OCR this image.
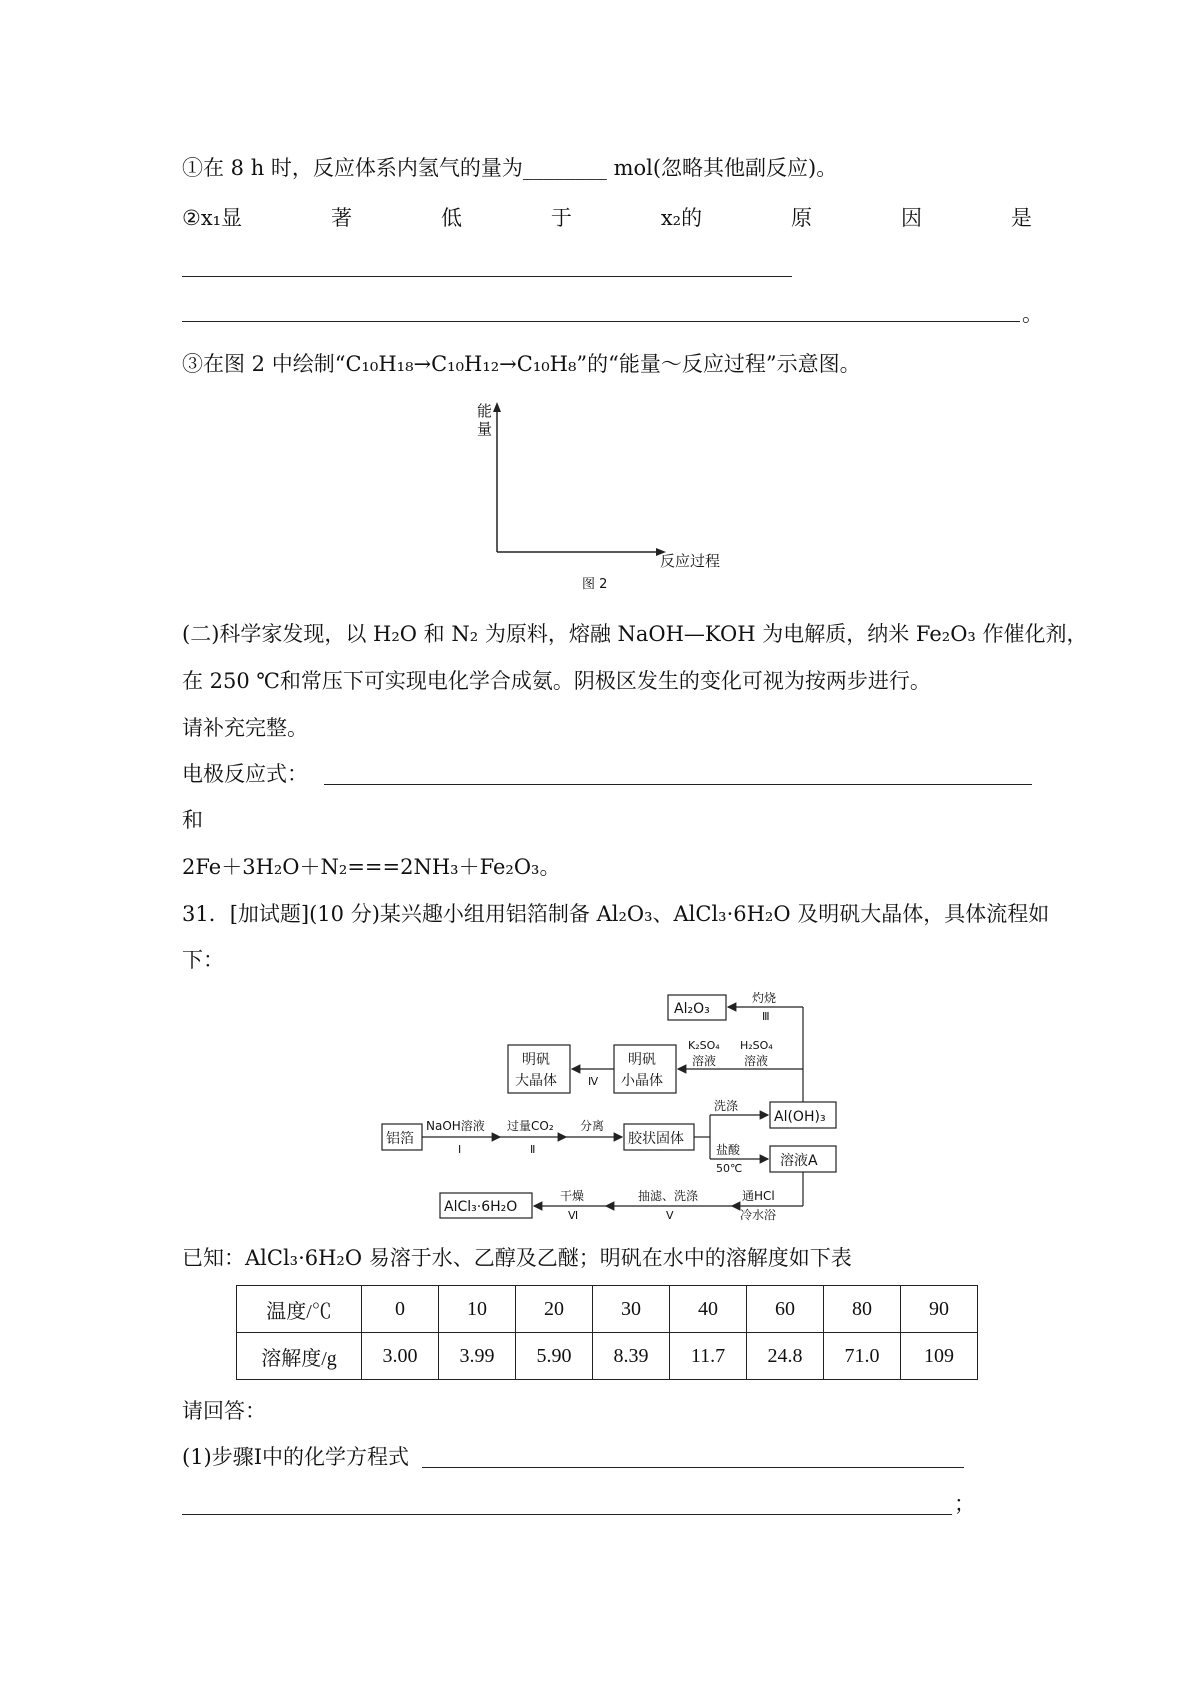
①在 8 h 时，反应体系内氢气的量为________ mol(忽略其他副反应)。
②x₁显	著	低	于	x₂的	原	因	是
。
③在图 2 中绘制“C₁₀H₁₈→C₁₀H₁₂→C₁₀H₈”的“能量～反应过程”示意图。
能
量
反应过程
图 2
(二)科学家发现，以 H₂O 和 N₂ 为原料，熔融 NaOH—KOH 为电解质，纳米 Fe₂O₃ 作催化剂，
在 250 ℃和常压下可实现电化学合成氨。阴极区发生的变化可视为按两步进行。
请补充完整。
电极反应式：
和
2Fe＋3H₂O＋N₂===2NH₃＋Fe₂O₃。
31．[加试题](10 分)某兴趣小组用铝箔制备 Al₂O₃、AlCl₃·6H₂O 及明矾大晶体，具体流程如
下：
Al₂O₃
明矾
大晶体
明矾
小晶体
铝箔	胶状固体
Al(OH)₃
溶液A
AlCl₃·6H₂O
NaOH溶液
Ⅰ
过量CO₂
Ⅱ
分离
洗涤
盐酸
50℃
灼烧
Ⅲ
K₂SO₄
溶液
H₂SO₄
溶液
Ⅳ
通HCl
冷水浴
抽滤、洗涤
Ⅴ
干燥
Ⅵ
已知：AlCl₃·6H₂O 易溶于水、乙醇及乙醚；明矾在水中的溶解度如下表
温度/℃	0	10	20	30	40	60	80	90
溶解度/g	3.00	3.99	5.90	8.39	11.7	24.8	71.0	109
请回答：
(1)步骤Ⅰ中的化学方程式
；
